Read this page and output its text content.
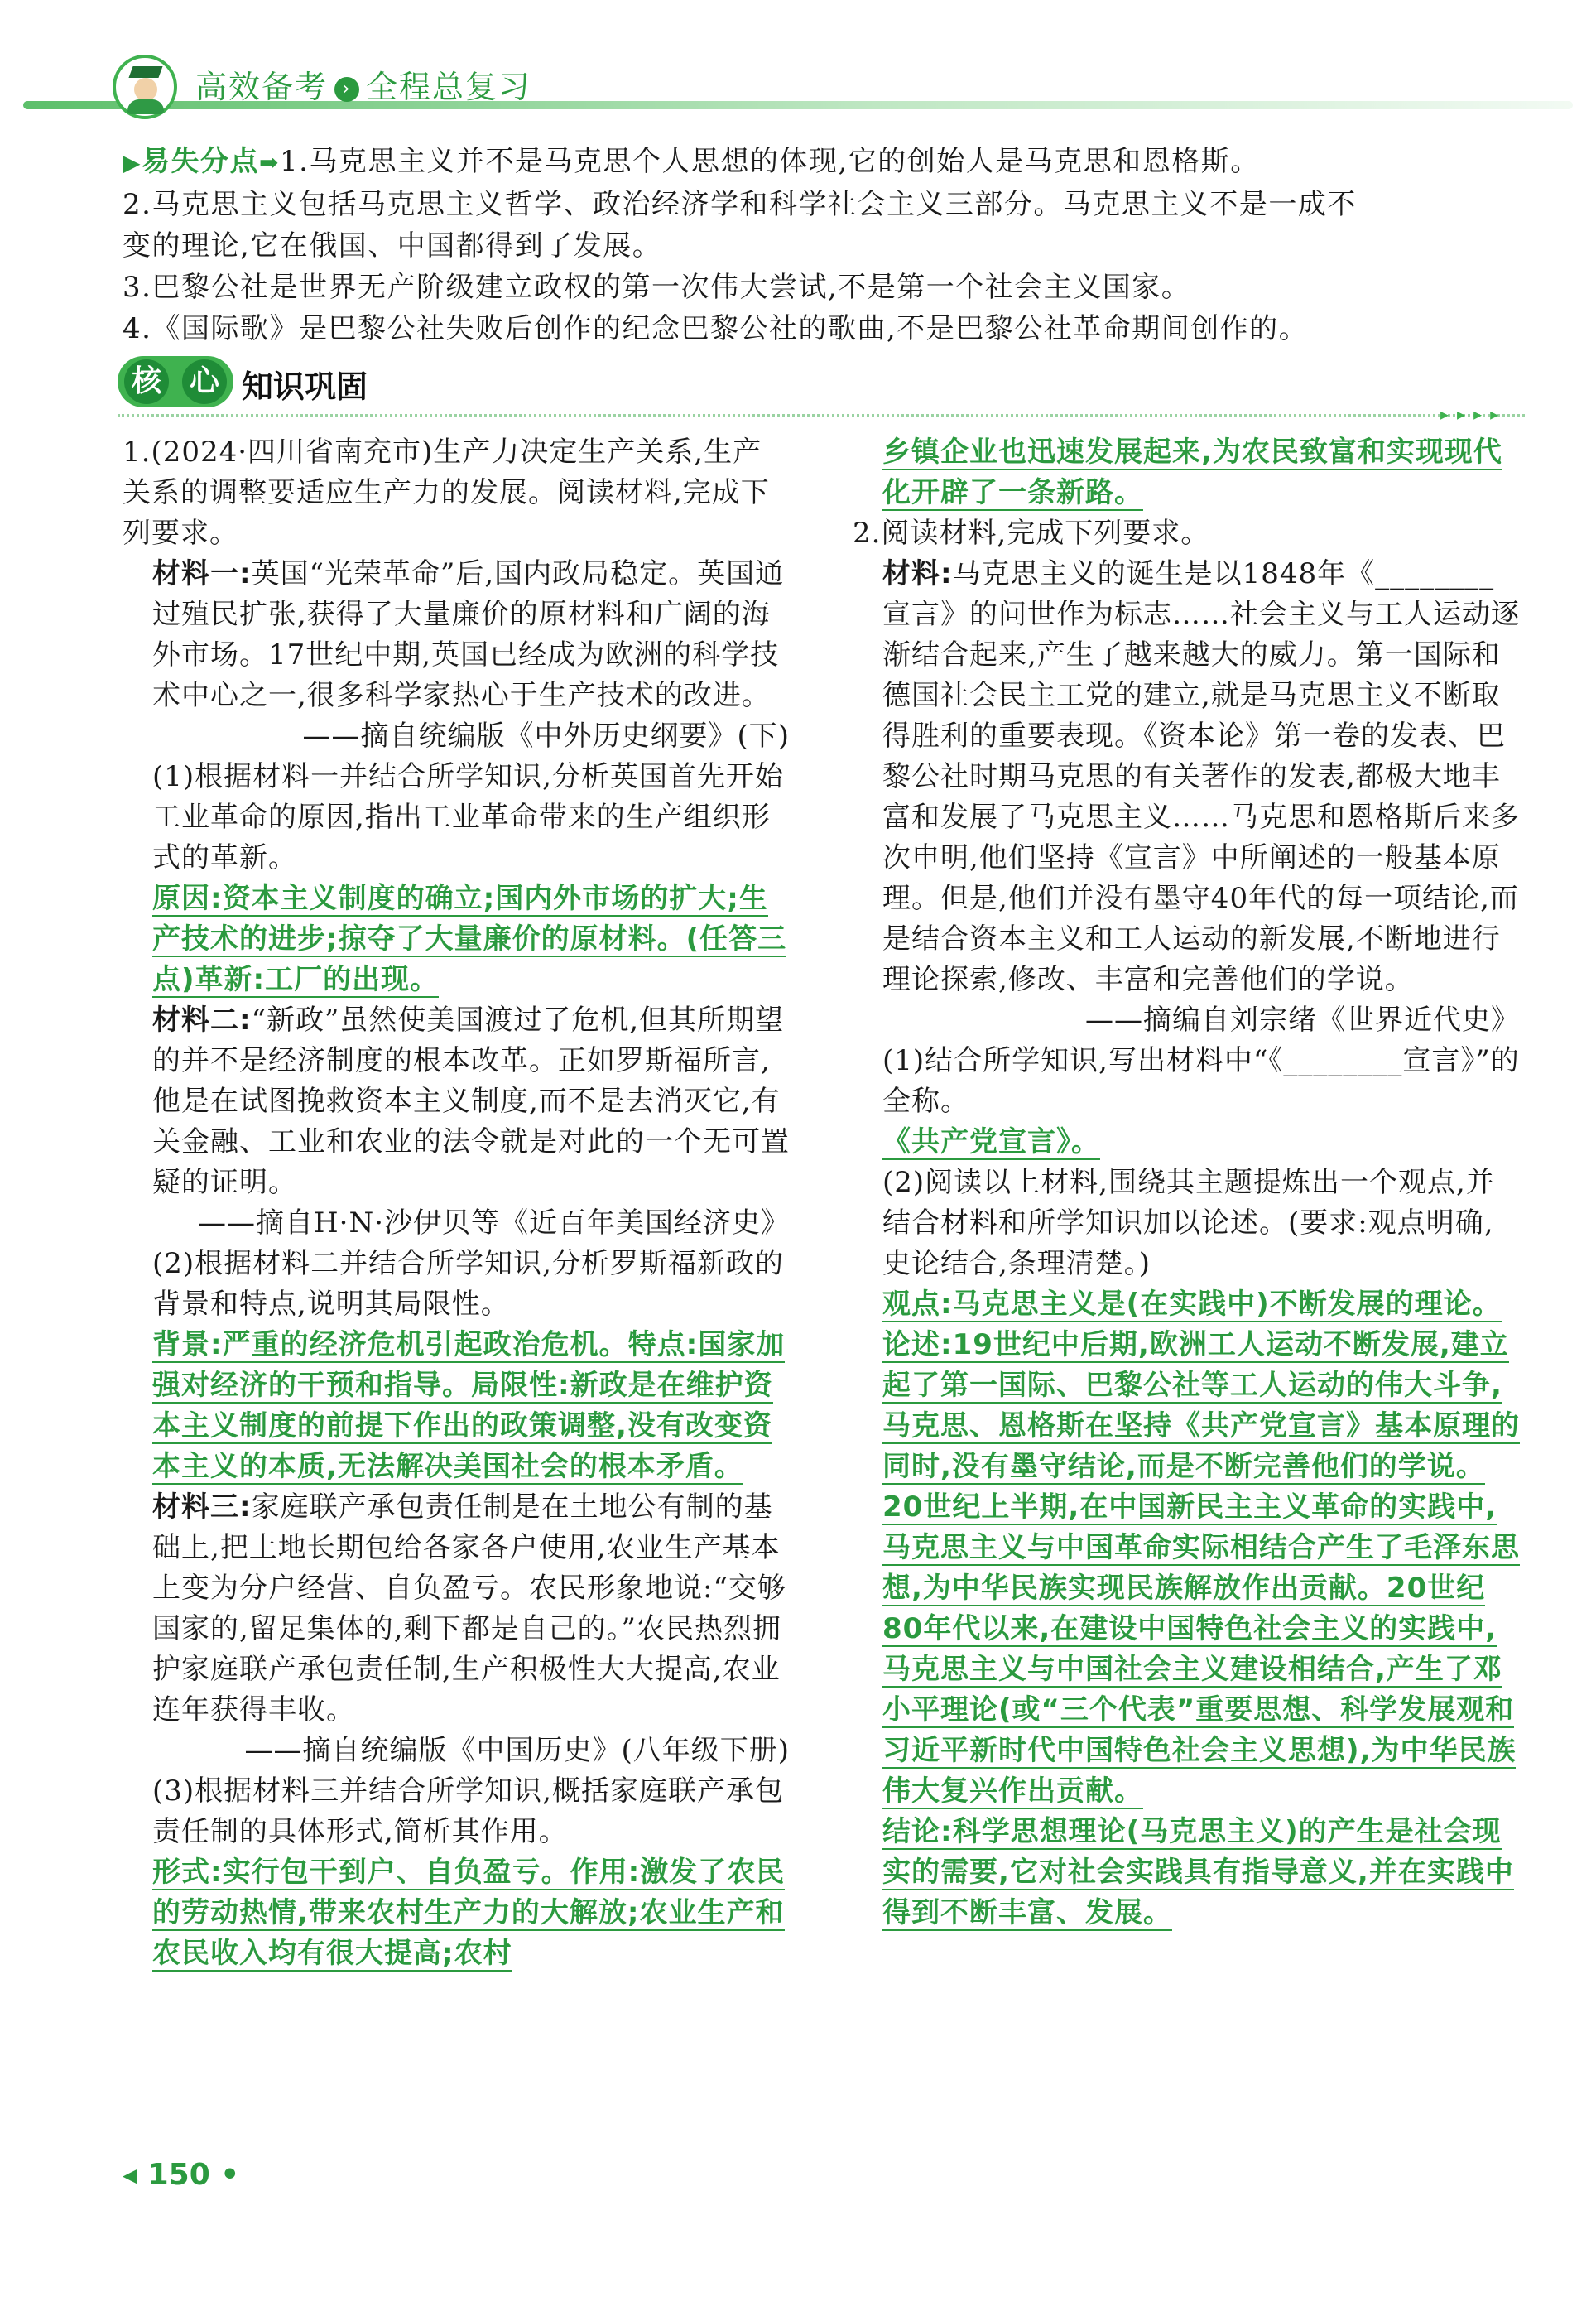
高效备考 › 全程总复习

▶易失分点➡1.马克思主义并不是马克思个人思想的体现,它的创始人是马克思和恩格斯。

2.马克思主义包括马克思主义哲学、政治经济学和科学社会主义三部分。马克思主义不是一成不

变的理论,它在俄国、中国都得到了发展。

3.巴黎公社是世界无产阶级建立政权的第一次伟大尝试,不是第一个社会主义国家。

4.《国际歌》是巴黎公社失败后创作的纪念巴黎公社的歌曲,不是巴黎公社革命期间创作的。

核 心 知识巩固
▸▸▸▸

1.(2024·四川省南充市)生产力决定生产关系,生产关系的调整要适应生产力的发展。阅读材料,完成下列要求。

材料一:英国“光荣革命”后,国内政局稳定。英国通过殖民扩张,获得了大量廉价的原材料和广阔的海外市场。17世纪中期,英国已经成为欧洲的科学技术中心之一,很多科学家热心于生产技术的改进。

——摘自统编版《中外历史纲要》(下)

(1)根据材料一并结合所学知识,分析英国首先开始工业革命的原因,指出工业革命带来的生产组织形式的革新。

原因:资本主义制度的确立;国内外市场的扩大;生产技术的进步;掠夺了大量廉价的原材料。(任答三点)革新:工厂的出现。

材料二:“新政”虽然使美国渡过了危机,但其所期望的并不是经济制度的根本改革。正如罗斯福所言,他是在试图挽救资本主义制度,而不是去消灭它,有关金融、工业和农业的法令就是对此的一个无可置疑的证明。

——摘自H·N·沙伊贝等《近百年美国经济史》

(2)根据材料二并结合所学知识,分析罗斯福新政的背景和特点,说明其局限性。

背景:严重的经济危机引起政治危机。特点:国家加强对经济的干预和指导。局限性:新政是在维护资本主义制度的前提下作出的政策调整,没有改变资本主义的本质,无法解决美国社会的根本矛盾。

材料三:家庭联产承包责任制是在土地公有制的基础上,把土地长期包给各家各户使用,农业生产基本上变为分户经营、自负盈亏。农民形象地说:“交够国家的,留足集体的,剩下都是自己的。”农民热烈拥护家庭联产承包责任制,生产积极性大大提高,农业连年获得丰收。

——摘自统编版《中国历史》(八年级下册)

(3)根据材料三并结合所学知识,概括家庭联产承包责任制的具体形式,简析其作用。

形式:实行包干到户、自负盈亏。作用:激发了农民的劳动热情,带来农村生产力的大解放;农业生产和农民收入均有很大提高;农村

乡镇企业也迅速发展起来,为农民致富和实现现代化开辟了一条新路。

2.阅读材料,完成下列要求。

材料:马克思主义的诞生是以1848年《________宣言》的问世作为标志……社会主义与工人运动逐渐结合起来,产生了越来越大的威力。第一国际和德国社会民主工党的建立,就是马克思主义不断取得胜利的重要表现。《资本论》第一卷的发表、巴黎公社时期马克思的有关著作的发表,都极大地丰富和发展了马克思主义……马克思和恩格斯后来多次申明,他们坚持《宣言》中所阐述的一般基本原理。但是,他们并没有墨守40年代的每一项结论,而是结合资本主义和工人运动的新发展,不断地进行理论探索,修改、丰富和完善他们的学说。

——摘编自刘宗绪《世界近代史》

(1)结合所学知识,写出材料中“《________宣言》”的全称。

《共产党宣言》。

(2)阅读以上材料,围绕其主题提炼出一个观点,并结合材料和所学知识加以论述。(要求:观点明确,史论结合,条理清楚。)

观点:马克思主义是(在实践中)不断发展的理论。

论述:19世纪中后期,欧洲工人运动不断发展,建立起了第一国际、巴黎公社等工人运动的伟大斗争,马克思、恩格斯在坚持《共产党宣言》基本原理的同时,没有墨守结论,而是不断完善他们的学说。20世纪上半期,在中国新民主主义革命的实践中,马克思主义与中国革命实际相结合产生了毛泽东思想,为中华民族实现民族解放作出贡献。20世纪80年代以来,在建设中国特色社会主义的实践中,马克思主义与中国社会主义建设相结合,产生了邓小平理论(或“三个代表”重要思想、科学发展观和习近平新时代中国特色社会主义思想),为中华民族伟大复兴作出贡献。

结论:科学思想理论(马克思主义)的产生是社会现实的需要,它对社会实践具有指导意义,并在实践中得到不断丰富、发展。

◂ 150 •
